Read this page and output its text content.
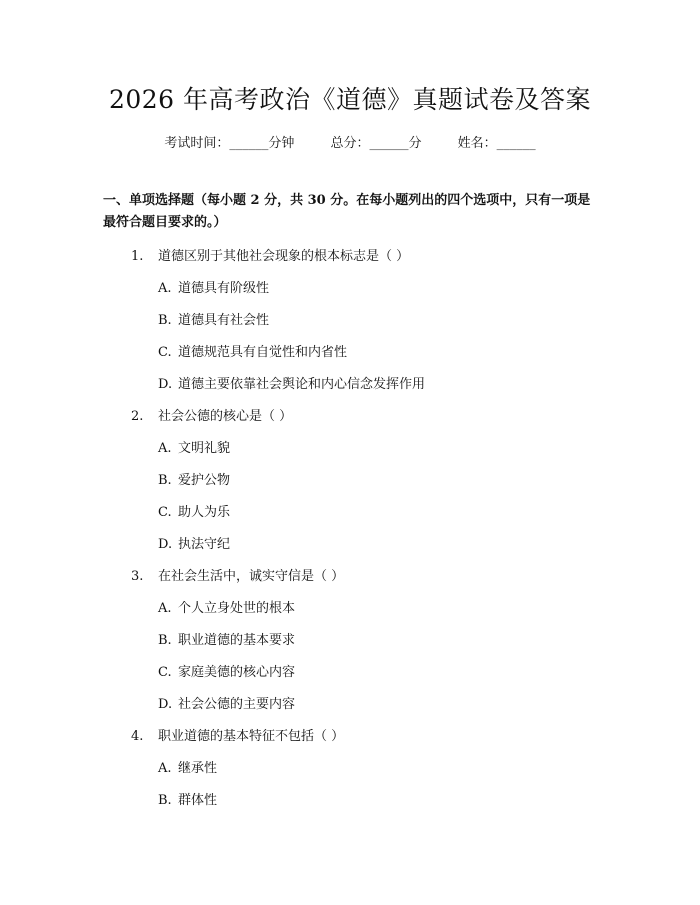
2026 年高考政治《道德》真题试卷及答案
考试时间：______分钟	总分：______分	姓名：______
一、单项选择题（每小题 2 分，共 30 分。在每小题列出的四个选项中，只有一项是最符合题目要求的。）
1. 道德区别于其他社会现象的根本标志是（ ）
A. 道德具有阶级性
B. 道德具有社会性
C. 道德规范具有自觉性和内省性
D. 道德主要依靠社会舆论和内心信念发挥作用
2. 社会公德的核心是（ ）
A. 文明礼貌
B. 爱护公物
C. 助人为乐
D. 执法守纪
3. 在社会生活中，诚实守信是（ ）
A. 个人立身处世的根本
B. 职业道德的基本要求
C. 家庭美德的核心内容
D. 社会公德的主要内容
4. 职业道德的基本特征不包括（ ）
A. 继承性
B. 群体性
